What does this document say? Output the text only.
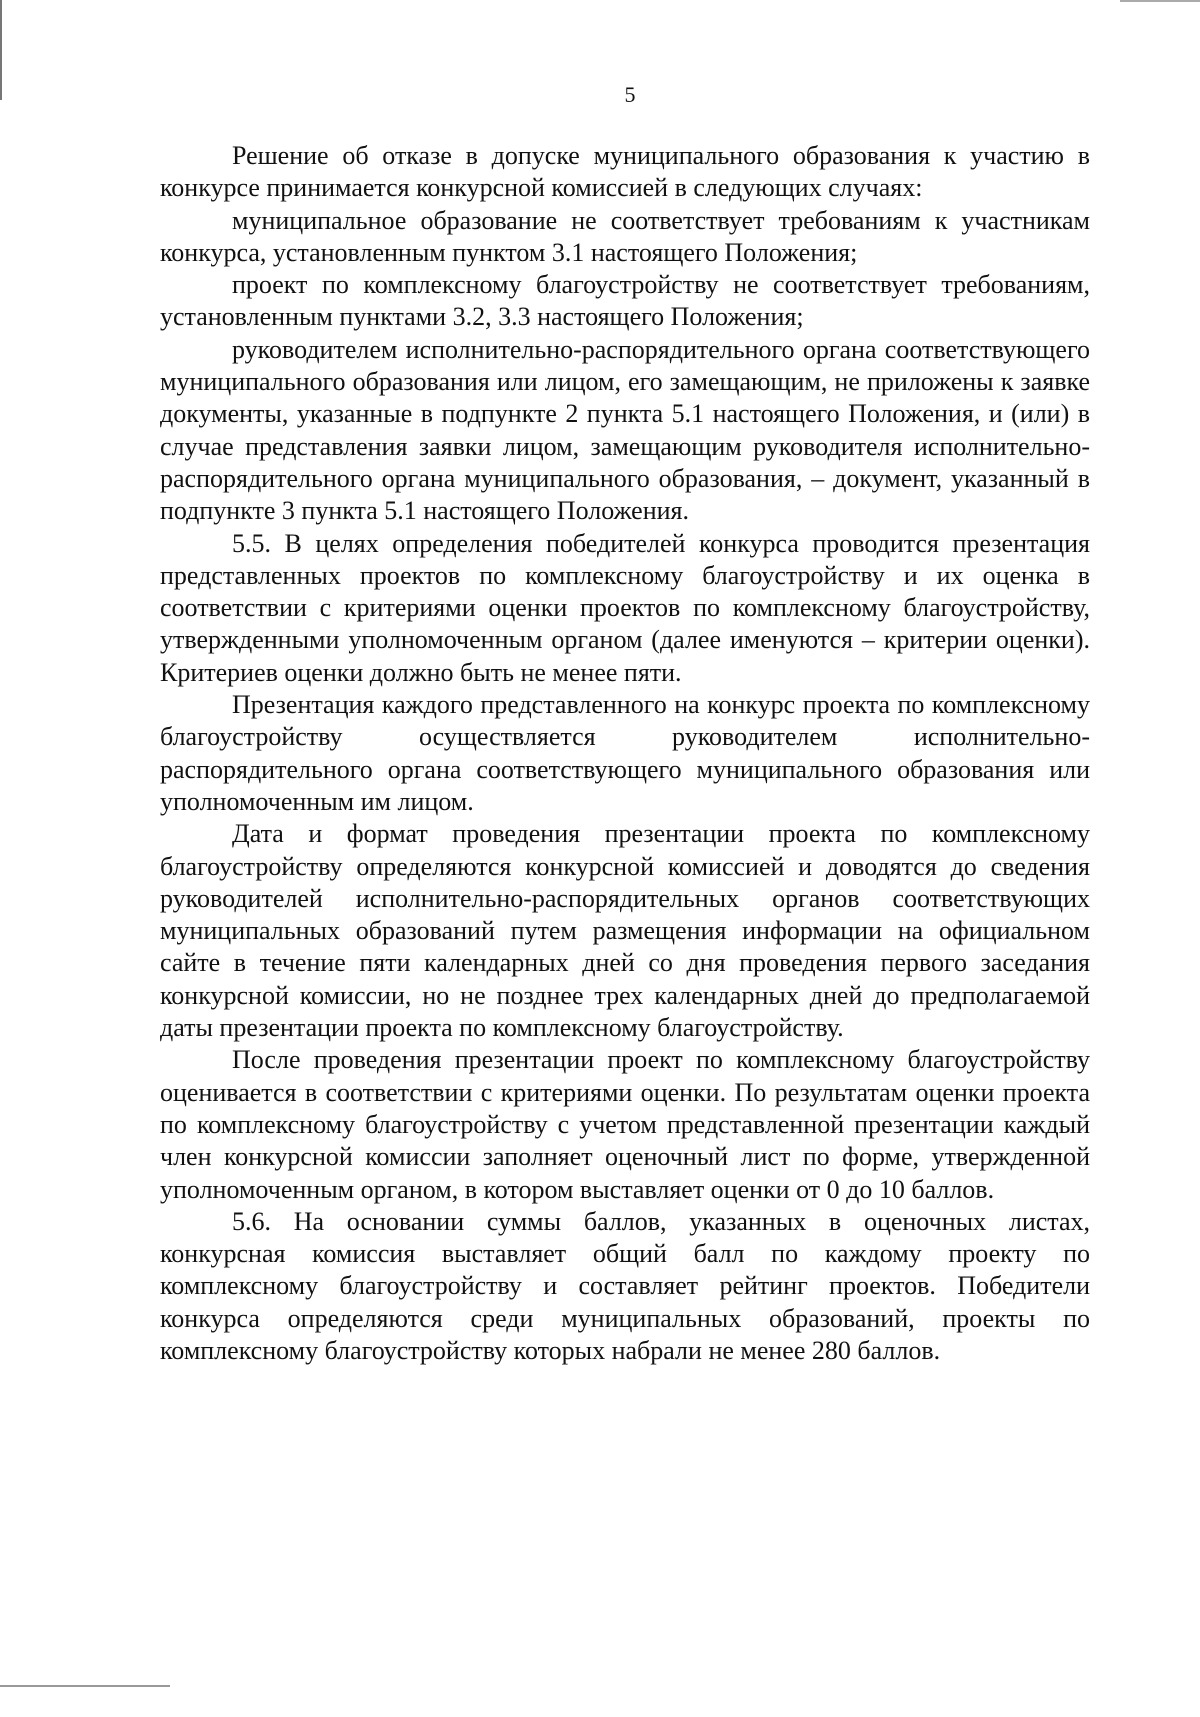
5

Решение об отказе в допуске муниципального образования к участию в конкурсе принимается конкурсной комиссией в следующих случаях:

муниципальное образование не соответствует требованиям к участникам конкурса, установленным пунктом 3.1 настоящего Положения;

проект по комплексному благоустройству не соответствует требованиям, установленным пунктами 3.2, 3.3 настоящего Положения;

руководителем исполнительно-распорядительного органа соответствующего муниципального образования или лицом, его замещающим, не приложены к заявке документы, указанные в подпункте 2 пункта 5.1 настоящего Положения, и (или) в случае представления заявки лицом, замещающим руководителя исполнительно-распорядительного органа муниципального образования, – документ, указанный в подпункте 3 пункта 5.1 настоящего Положения.

5.5. В целях определения победителей конкурса проводится презентация представленных проектов по комплексному благоустройству и их оценка в соответствии с критериями оценки проектов по комплексному благоустройству, утвержденными уполномоченным органом (далее именуются – критерии оценки). Критериев оценки должно быть не менее пяти.

Презентация каждого представленного на конкурс проекта по комплексному благоустройству осуществляется руководителем исполнительно-распорядительного органа соответствующего муниципального образования или уполномоченным им лицом.

Дата и формат проведения презентации проекта по комплексному благоустройству определяются конкурсной комиссией и доводятся до сведения руководителей исполнительно-распорядительных органов соответствующих муниципальных образований путем размещения информации на официальном сайте в течение пяти календарных дней со дня проведения первого заседания конкурсной комиссии, но не позднее трех календарных дней до предполагаемой даты презентации проекта по комплексному благоустройству.

После проведения презентации проект по комплексному благоустройству оценивается в соответствии с критериями оценки. По результатам оценки проекта по комплексному благоустройству с учетом представленной презентации каждый член конкурсной комиссии заполняет оценочный лист по форме, утвержденной уполномоченным органом, в котором выставляет оценки от 0 до 10 баллов.

5.6. На основании суммы баллов, указанных в оценочных листах, конкурсная комиссия выставляет общий балл по каждому проекту по комплексному благоустройству и составляет рейтинг проектов. Победители конкурса определяются среди муниципальных образований, проекты по комплексному благоустройству которых набрали не менее 280 баллов.
